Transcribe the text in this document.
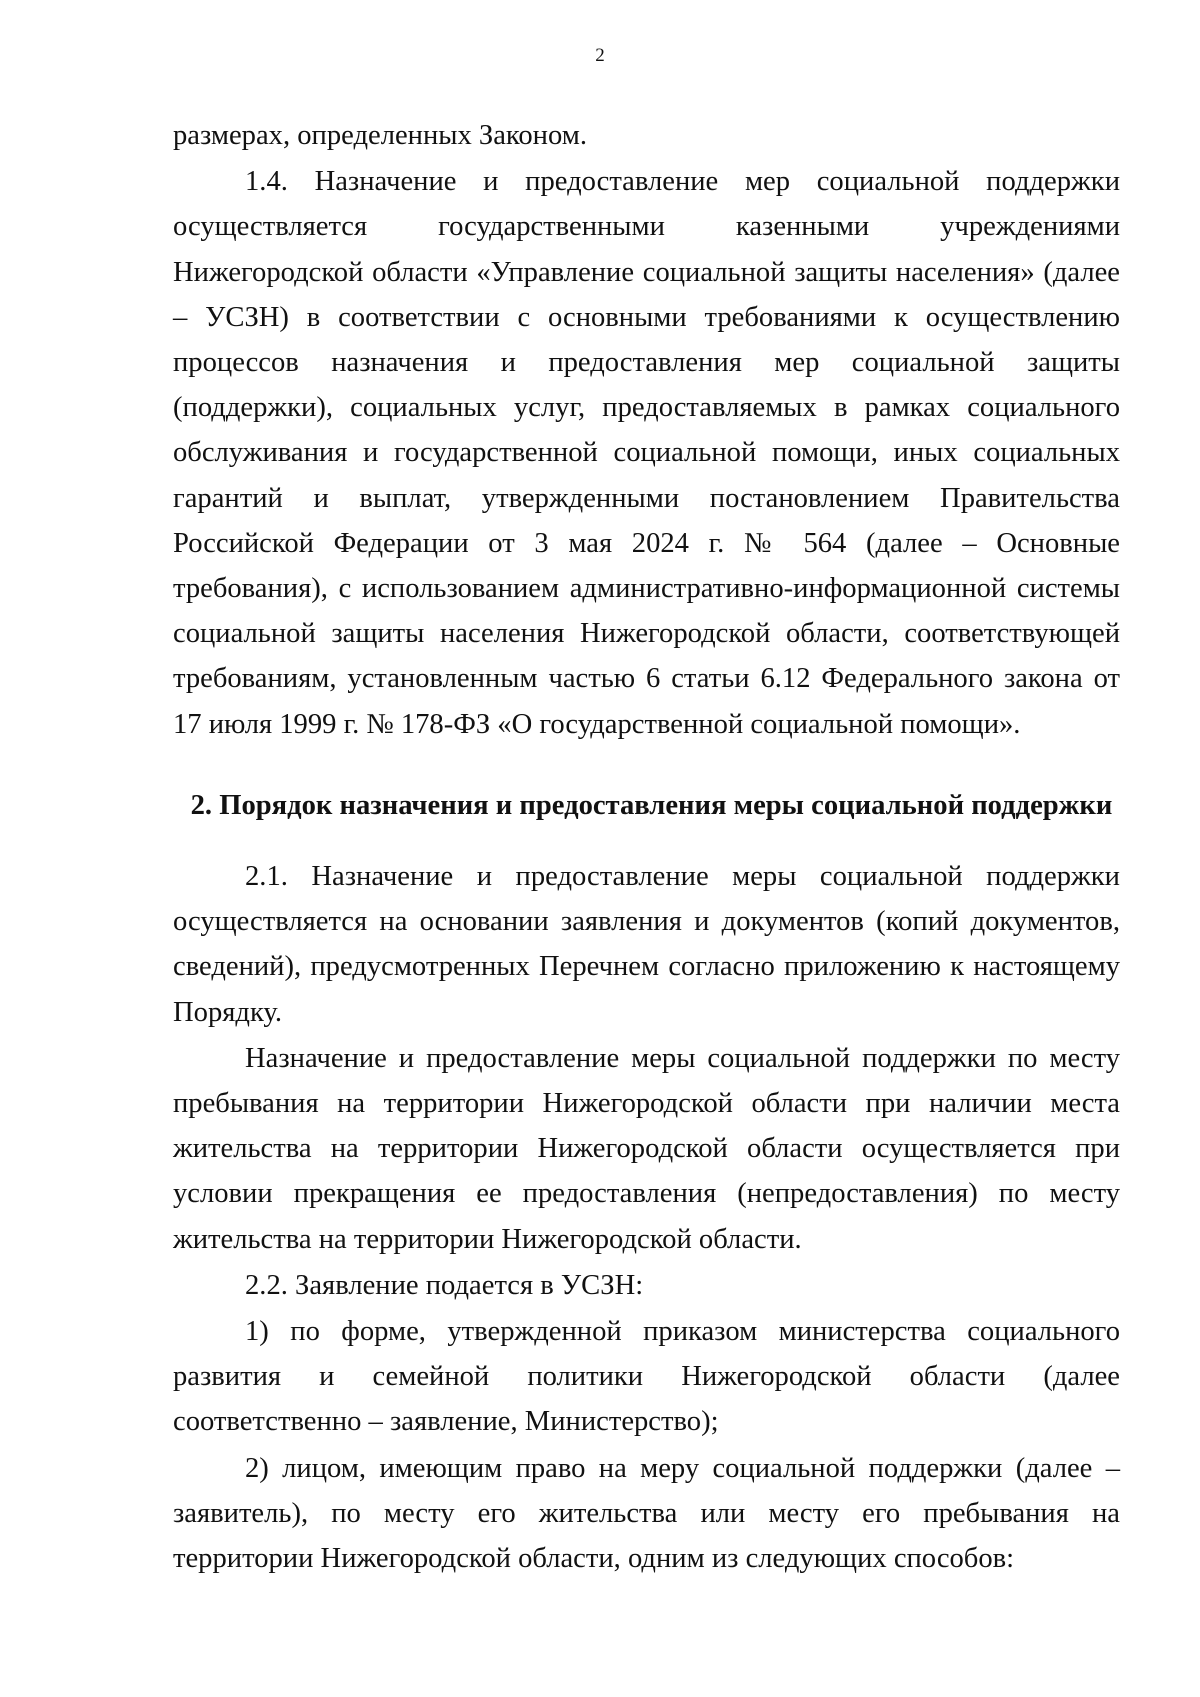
2

размерах, определенных Законом.

1.4. Назначение и предоставление мер социальной поддержки осуществляется государственными казенными учреждениями Нижегородской области «Управление социальной защиты населения» (далее – УСЗН) в соответствии с основными требованиями к осуществлению процессов назначения и предоставления мер социальной защиты (поддержки), социальных услуг, предоставляемых в рамках социального обслуживания и государственной социальной помощи, иных социальных гарантий и выплат, утвержденными постановлением Правительства Российской Федерации от 3 мая 2024 г. № 564 (далее – Основные требования), с использованием административно-информационной системы социальной защиты населения Нижегородской области, соответствующей требованиям, установленным частью 6 статьи 6.12 Федерального закона от 17 июля 1999 г. № 178-ФЗ «О государственной социальной помощи».

2. Порядок назначения и предоставления меры социальной поддержки

2.1. Назначение и предоставление меры социальной поддержки осуществляется на основании заявления и документов (копий документов, сведений), предусмотренных Перечнем согласно приложению к настоящему Порядку.

Назначение и предоставление меры социальной поддержки по месту пребывания на территории Нижегородской области при наличии места жительства на территории Нижегородской области осуществляется при условии прекращения ее предоставления (непредоставления) по месту жительства на территории Нижегородской области.

2.2. Заявление подается в УСЗН:

1) по форме, утвержденной приказом министерства социального развития и семейной политики Нижегородской области (далее соответственно – заявление, Министерство);

2) лицом, имеющим право на меру социальной поддержки (далее – заявитель), по месту его жительства или месту его пребывания на территории Нижегородской области, одним из следующих способов:
